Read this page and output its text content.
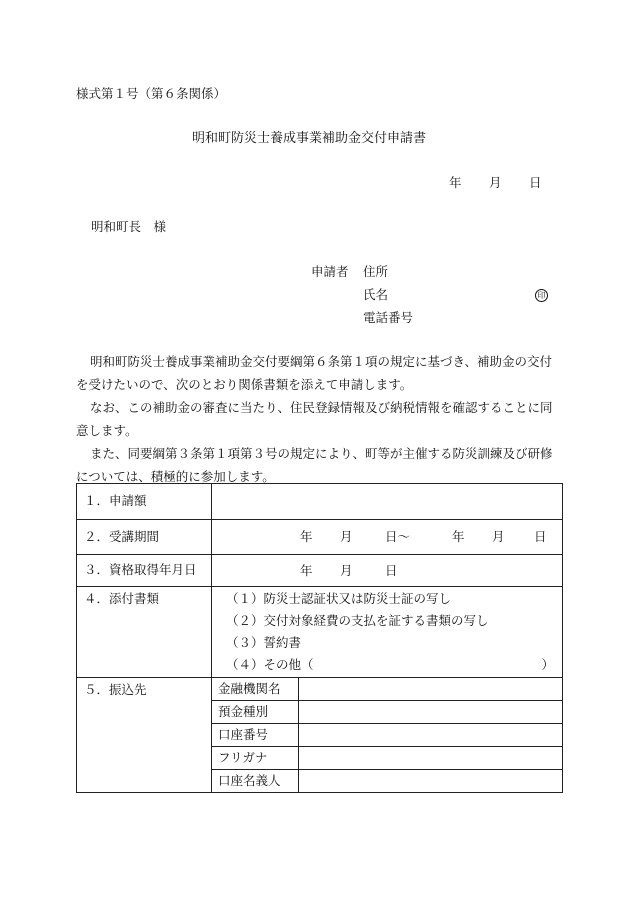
様式第１号（第６条関係）
明和町防災士養成事業補助金交付申請書
年 月 日
明和町長　様
申請者 住所
氏名	印
電話番号
明和町防災士養成事業補助金交付要綱第６条第１項の規定に基づき、補助金の交付を受けたいので、次のとおり関係書類を添えて申請します。
なお、この補助金の審査に当たり、住民登録情報及び納税情報を確認することに同意します。
また、同要綱第３条第１項第３号の規定により、町等が主催する防災訓練及び研修については、積極的に参加します。
１．申請額	
２．受講期間	年 月	日～	年 月 日

３．資格取得年月日	年 月	日

４．添付書類	（１）防災士認証状又は防災士証の写し
（２）交付対象経費の支払を証する書類の写し
（３）誓約書
（４）その他（	）

５．振込先		金融機関名	
預金種別	
口座番号	
フリガナ	
口座名義人	
